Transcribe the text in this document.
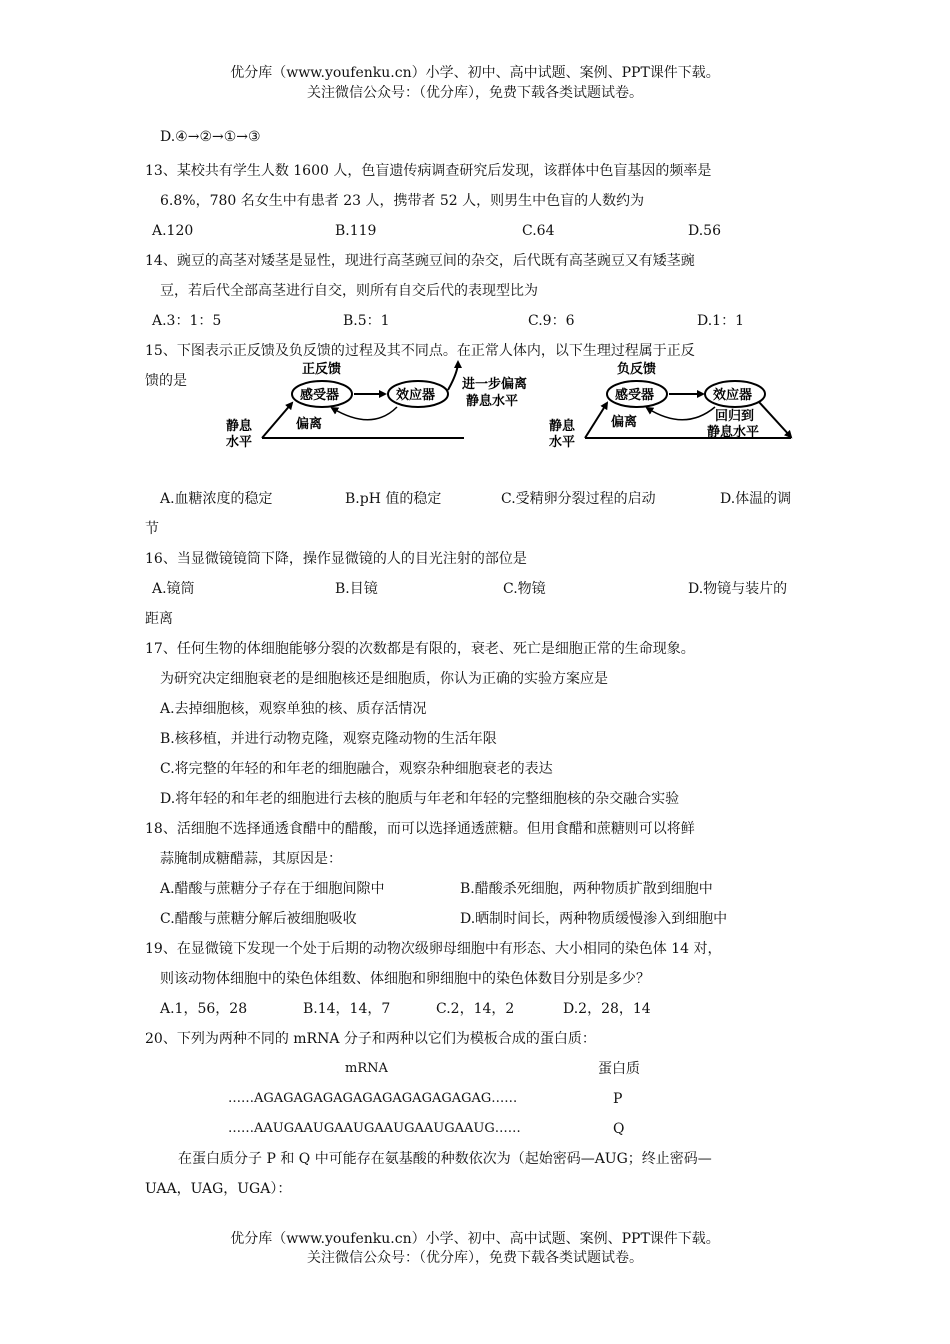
优分库（www.youfenku.cn）小学、初中、高中试题、案例、PPT课件下载。
关注微信公众号：（优分库），免费下载各类试题试卷。
D.④→②→①→③
13、某校共有学生人数 1600 人，色盲遗传病调查研究后发现，该群体中色盲基因的频率是
6.8%，780 名女生中有患者 23 人，携带者 52 人，则男生中色盲的人数约为
A.120	B.119	C.64	D.56
14、豌豆的高茎对矮茎是显性，现进行高茎豌豆间的杂交，后代既有高茎豌豆又有矮茎豌
豆，若后代全部高茎进行自交，则所有自交后代的表现型比为
A.3：1：5	B.5：1	C.9：6	D.1：1
15、下图表示正反馈及负反馈的过程及其不同点。在正常人体内，以下生理过程属于正反
馈的是
正反馈
感受器	效应器
进一步偏离
静息水平
偏离
静息
水平
负反馈
感受器	效应器
回归到
静息水平
偏离
静息
水平
A.血糖浓度的稳定	B.pH 值的稳定	C.受精卵分裂过程的启动	D.体温的调
节
16、当显微镜镜筒下降，操作显微镜的人的目光注射的部位是
A.镜筒	B.目镜	C.物镜	D.物镜与装片的
距离
17、任何生物的体细胞能够分裂的次数都是有限的，衰老、死亡是细胞正常的生命现象。
为研究决定细胞衰老的是细胞核还是细胞质，你认为正确的实验方案应是
A.去掉细胞核，观察单独的核、质存活情况
B.核移植，并进行动物克隆，观察克隆动物的生活年限
C.将完整的年轻的和年老的细胞融合，观察杂种细胞衰老的表达
D.将年轻的和年老的细胞进行去核的胞质与年老和年轻的完整细胞核的杂交融合实验
18、活细胞不选择通透食醋中的醋酸，而可以选择通透蔗糖。但用食醋和蔗糖则可以将鲜
蒜腌制成糖醋蒜，其原因是：
A.醋酸与蔗糖分子存在于细胞间隙中	B.醋酸杀死细胞，两种物质扩散到细胞中
C.醋酸与蔗糖分解后被细胞吸收	D.晒制时间长，两种物质缓慢渗入到细胞中
19、在显微镜下发现一个处于后期的动物次级卵母细胞中有形态、大小相同的染色体 14 对，
则该动物体细胞中的染色体组数、体细胞和卵细胞中的染色体数目分别是多少？
A.1，56，28	B.14，14，7	C.2，14，2	D.2，28，14
20、下列为两种不同的 mRNA 分子和两种以它们为模板合成的蛋白质：
mRNA	蛋白质
……AGAGAGAGAGAGAGAGAGAGAGAG……	P
……AAUGAAUGAAUGAAUGAAUGAAUG……	Q
在蛋白质分子 P 和 Q 中可能存在氨基酸的种数依次为（起始密码—AUG；终止密码—
UAA，UAG，UGA）：
优分库（www.youfenku.cn）小学、初中、高中试题、案例、PPT课件下载。
关注微信公众号：（优分库），免费下载各类试题试卷。
